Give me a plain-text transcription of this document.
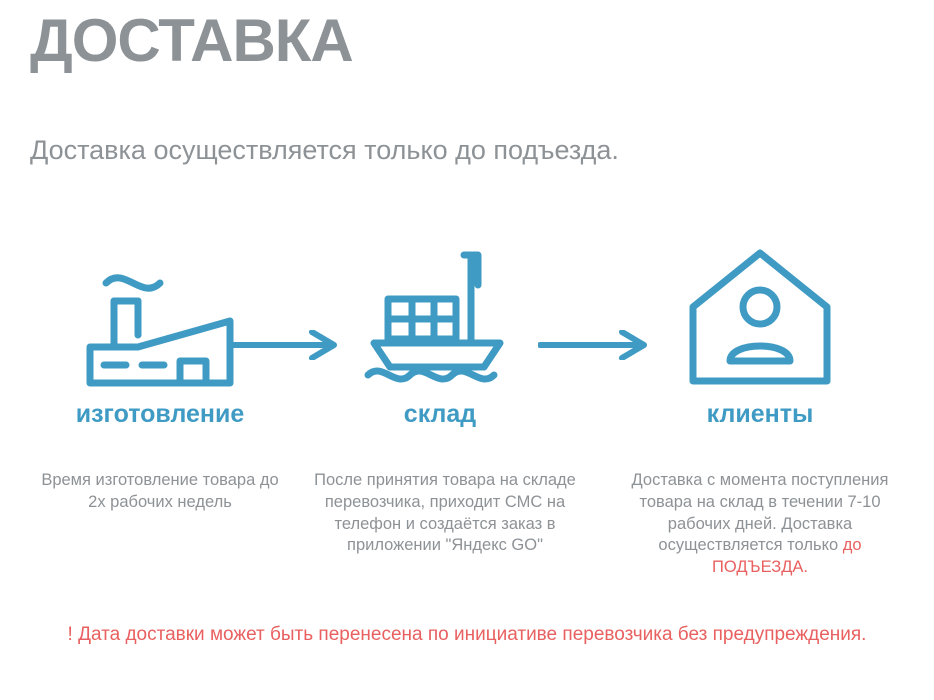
ДОСТАВКА
Доставка осуществляется только до подъезда.
изготовление	склад	клиенты
Время изготовление товара до 2х рабочих недель
После принятия товара на складе перевозчика, приходит СМС на телефон и создаётся заказ в приложении "Яндекс GO"
Доставка с момента поступления товара на склад в течении 7-10 рабочих дней. Доставка осуществляется только до ПОДЪЕЗДА.
! Дата доставки может быть перенесена по инициативе перевозчика без предупреждения.
